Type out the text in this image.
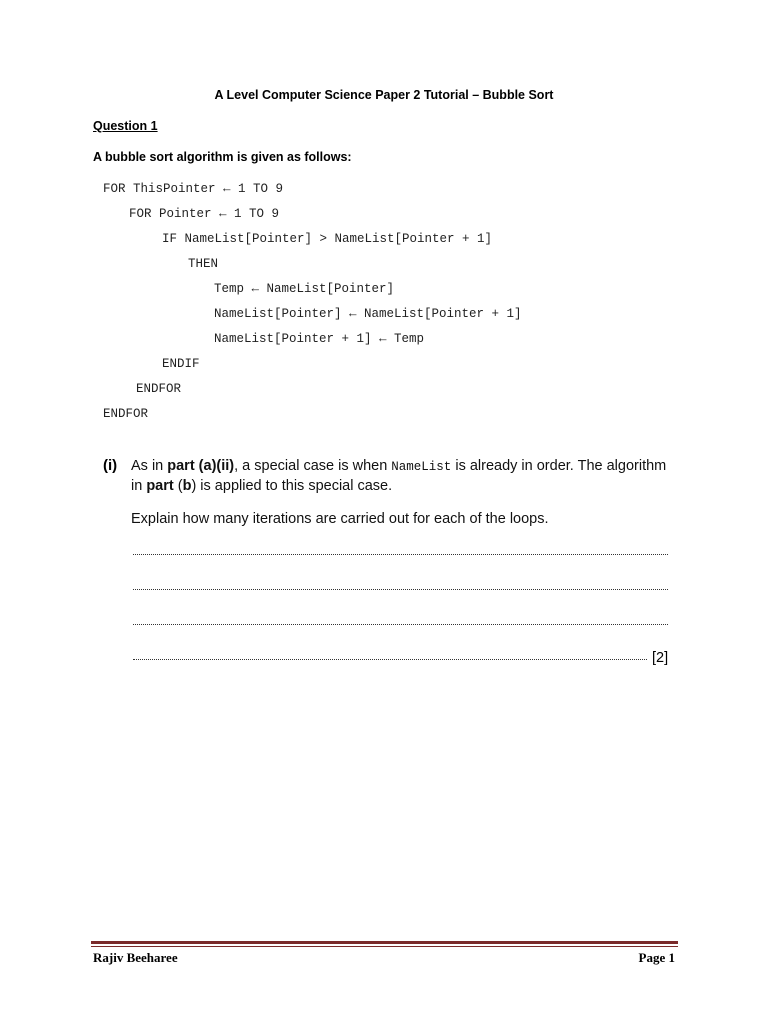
A Level Computer Science Paper 2 Tutorial – Bubble Sort
Question 1
A bubble sort algorithm is given as follows:
FOR ThisPointer ← 1 TO 9
FOR Pointer ← 1 TO 9
IF NameList[Pointer] > NameList[Pointer + 1]
THEN
Temp ← NameList[Pointer]
NameList[Pointer] ← NameList[Pointer + 1]
NameList[Pointer + 1] ← Temp
ENDIF
ENDFOR
ENDFOR
(i) As in part (a)(ii), a special case is when NameList is already in order. The algorithm in part (b) is applied to this special case.
Explain how many iterations are carried out for each of the loops.
[2]
Rajiv Beeharee	Page 1
